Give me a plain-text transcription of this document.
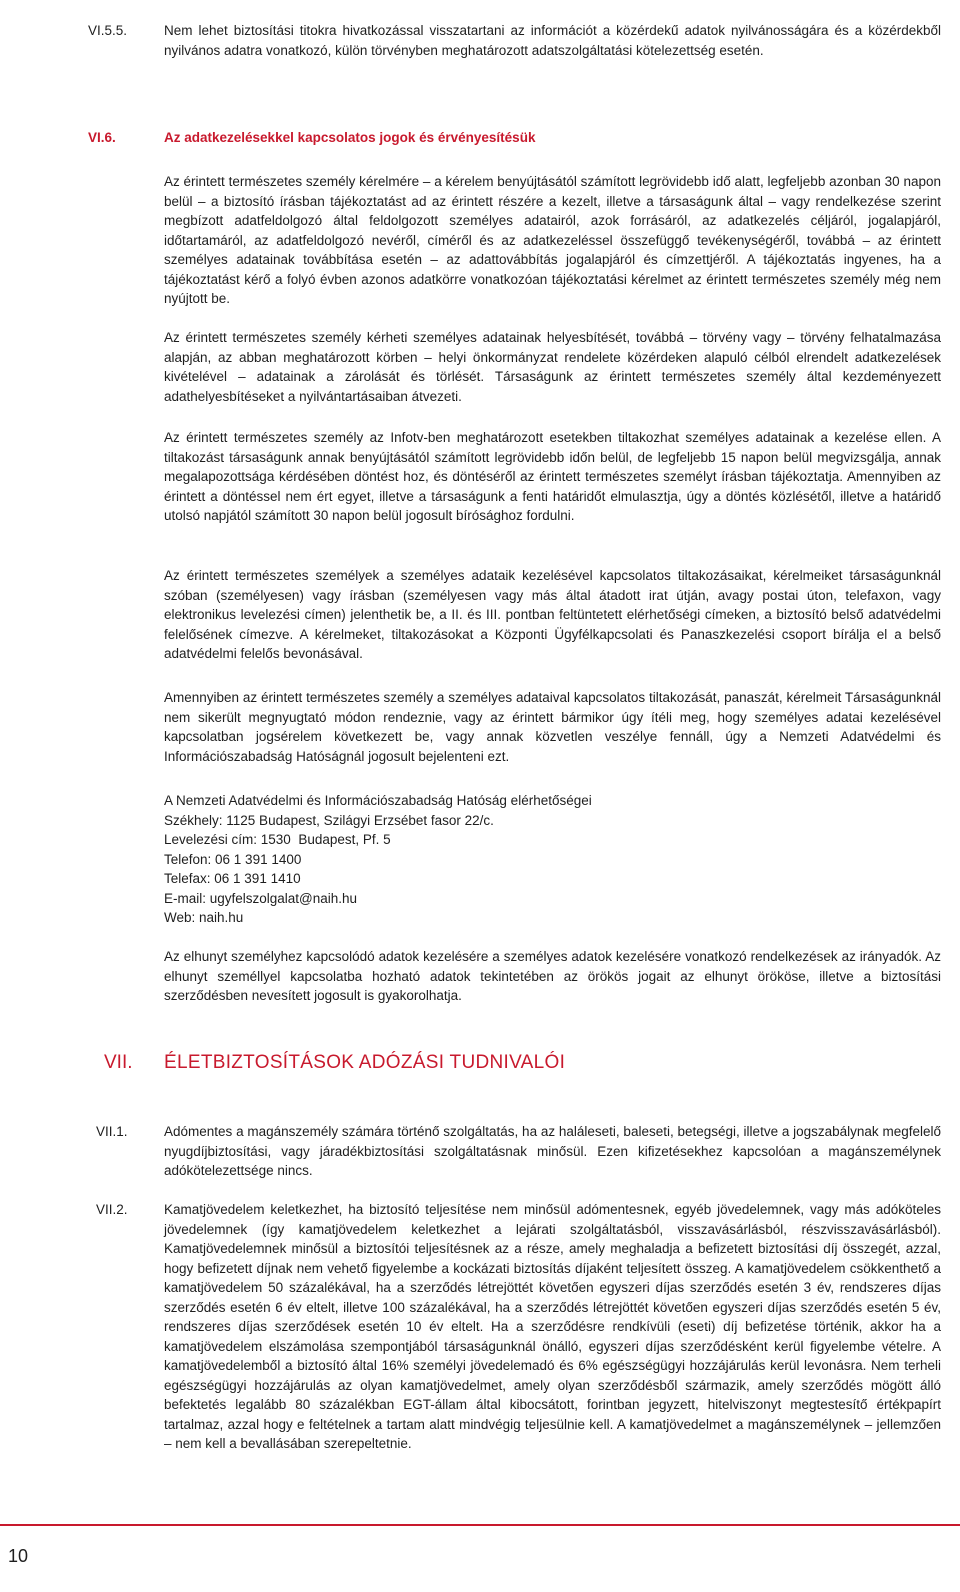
VI.5.5.	Nem lehet biztosítási titokra hivatkozással visszatartani az információt a közérdekű adatok nyilvánosságára és a közérdekből nyilvános adatra vonatkozó, külön törvényben meghatározott adatszolgáltatási kötelezettség esetén.
VI.6.	Az adatkezelésekkel kapcsolatos jogok és érvényesítésük
Az érintett természetes személy kérelmére – a kérelem benyújtásától számított legrövidebb idő alatt, legfeljebb azonban 30 napon belül – a biztosító írásban tájékoztatást ad az érintett részére a kezelt, illetve a társaságunk által – vagy rendelkezése szerint megbízott adatfeldolgozó által feldolgozott személyes adatairól, azok forrásáról, az adatkezelés céljáról, jogalapjáról, időtartamáról, az adatfeldolgozó nevéről, címéről és az adatkezeléssel összefüggő tevékenységéről, továbbá – az érintett személyes adatainak továbbítása esetén – az adattovábbítás jogalapjáról és címzettjéről. A tájékoztatás ingyenes, ha a tájékoztatást kérő a folyó évben azonos adatkörre vonatkozóan tájékoztatási kérelmet az érintett természetes személy még nem nyújtott be.
Az érintett természetes személy kérheti személyes adatainak helyesbítését, továbbá – törvény vagy – törvény felhatalmazása alapján, az abban meghatározott körben – helyi önkormányzat rendelete közérdeken alapuló célból elrendelt adatkezelések kivételével – adatainak a zárolását és törlését. Társaságunk az érintett természetes személy által kezdeményezett adathelyesbítéseket a nyilvántartásaiban átvezeti.
Az érintett természetes személy az Infotv-ben meghatározott esetekben tiltakozhat személyes adatainak a kezelése ellen. A tiltakozást társaságunk annak benyújtásától számított legrövidebb időn belül, de legfeljebb 15 napon belül megvizsgálja, annak megalapozottsága kérdésében döntést hoz, és döntéséről az érintett természetes személyt írásban tájékoztatja. Amennyiben az érintett a döntéssel nem ért egyet, illetve a társaságunk a fenti határidőt elmulasztja, úgy a döntés közlésétől, illetve a határidő utolsó napjától számított 30 napon belül jogosult bírósághoz fordulni.
Az érintett természetes személyek a személyes adataik kezelésével kapcsolatos tiltakozásaikat, kérelmeiket társaságunknál szóban (személyesen) vagy írásban (személyesen vagy más által átadott irat útján, avagy postai úton, telefaxon, vagy elektronikus levelezési címen) jelenthetik be, a II. és III. pontban feltüntetett elérhetőségi címeken, a biztosító belső adatvédelmi felelősének címezve. A kérelmeket, tiltakozásokat a Központi Ügyfélkapcsolati és Panaszkezelési csoport bírálja el a belső adatvédelmi felelős bevonásával.
Amennyiben az érintett természetes személy a személyes adataival kapcsolatos tiltakozását, panaszát, kérelmeit Társaságunknál nem sikerült megnyugtató módon rendeznie, vagy az érintett bármikor úgy ítéli meg, hogy személyes adatai kezelésével kapcsolatban jogsérelem következett be, vagy annak közvetlen veszélye fennáll, úgy a Nemzeti Adatvédelmi és Információszabadság Hatóságnál jogosult bejelenteni ezt.
A Nemzeti Adatvédelmi és Információszabadság Hatóság elérhetőségei
Székhely: 1125 Budapest, Szilágyi Erzsébet fasor 22/c.
Levelezési cím: 1530  Budapest, Pf. 5
Telefon: 06 1 391 1400
Telefax: 06 1 391 1410
E-mail: ugyfelszolgalat@naih.hu
Web: naih.hu
Az elhunyt személyhez kapcsolódó adatok kezelésére a személyes adatok kezelésére vonatkozó rendelkezések az irányadók. Az elhunyt személlyel kapcsolatba hozható adatok tekintetében az örökös jogait az elhunyt örököse, illetve a biztosítási szerződésben nevesített jogosult is gyakorolhatja.
VII. ÉLETBIZTOSÍTÁSOK ADÓZÁSI TUDNIVALÓI
VII.1.	Adómentes a magánszemély számára történő szolgáltatás, ha az haláleseti, baleseti, betegségi, illetve a jogszabálynak megfelelő nyugdíjbiztosítási, vagy járadékbiztosítási szolgáltatásnak minősül. Ezen kifizetésekhez kapcsolóan a magánszemélynek adókötelezettsége nincs.
VII.2.	Kamatjövedelem keletkezhet, ha biztosító teljesítése nem minősül adómentesnek, egyéb jövedelemnek, vagy más adóköteles jövedelemnek (így kamatjövedelem keletkezhet a lejárati szolgáltatásból, visszavásárlásból, részvisszavásárlásból). Kamatjövedelemnek minősül a biztosítói teljesítésnek az a része, amely meghaladja a befizetett biztosítási díj összegét, azzal, hogy befizetett díjnak nem vehető figyelembe a kockázati biztosítás díjaként teljesített összeg. A kamatjövedelem csökkenthető a kamatjövedelem 50 százalékával, ha a szerződés létrejöttét követően egyszeri díjas szerződés esetén 3 év, rendszeres díjas szerződés esetén 6 év eltelt, illetve 100 százalékával, ha a szerződés létrejöttét követően egyszeri díjas szerződés esetén 5 év, rendszeres díjas szerződések esetén 10 év eltelt. Ha a szerződésre rendkívüli (eseti) díj befizetése történik, akkor ha a kamatjövedelem elszámolása szempontjából társaságunknál önálló, egyszeri díjas szerződésként kerül figyelembe vételre. A kamatjövedelemből a biztosító által 16% személyi jövedelemadó és 6% egészségügyi hozzájárulás kerül levonásra. Nem terheli egészségügyi hozzájárulás az olyan kamatjövedelmet, amely olyan szerződésből származik, amely szerződés mögött álló befektetés legalább 80 százalékban EGT-állam által kibocsátott, forintban jegyzett, hitelviszonyt megtestesítő értékpapírt tartalmaz, azzal hogy e feltételnek a tartam alatt mindvégig teljesülnie kell. A kamatjövedelmet a magánszemélynek – jellemzően – nem kell a bevallásában szerepeltetnie.
10
